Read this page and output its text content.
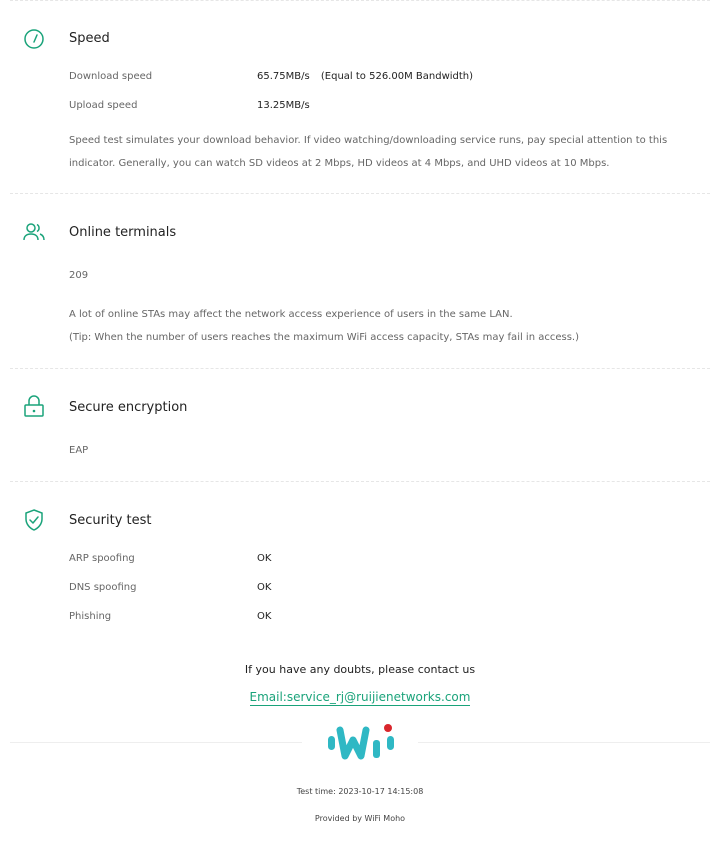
Speed
Download speed	65.75MB/s (Equal to 526.00M Bandwidth)
Upload speed	13.25MB/s
Speed test simulates your download behavior. If video watching/downloading service runs, pay special attention to this indicator. Generally, you can watch SD videos at 2 Mbps, HD videos at 4 Mbps, and UHD videos at 10 Mbps.
Online terminals
209
A lot of online STAs may affect the network access experience of users in the same LAN.
(Tip: When the number of users reaches the maximum WiFi access capacity, STAs may fail in access.)
Secure encryption
EAP
Security test
ARP spoofing	OK
DNS spoofing	OK
Phishing	OK
If you have any doubts, please contact us
Email:service_rj@ruijienetworks.com
Test time: 2023-10-17 14:15:08
Provided by WiFi Moho
